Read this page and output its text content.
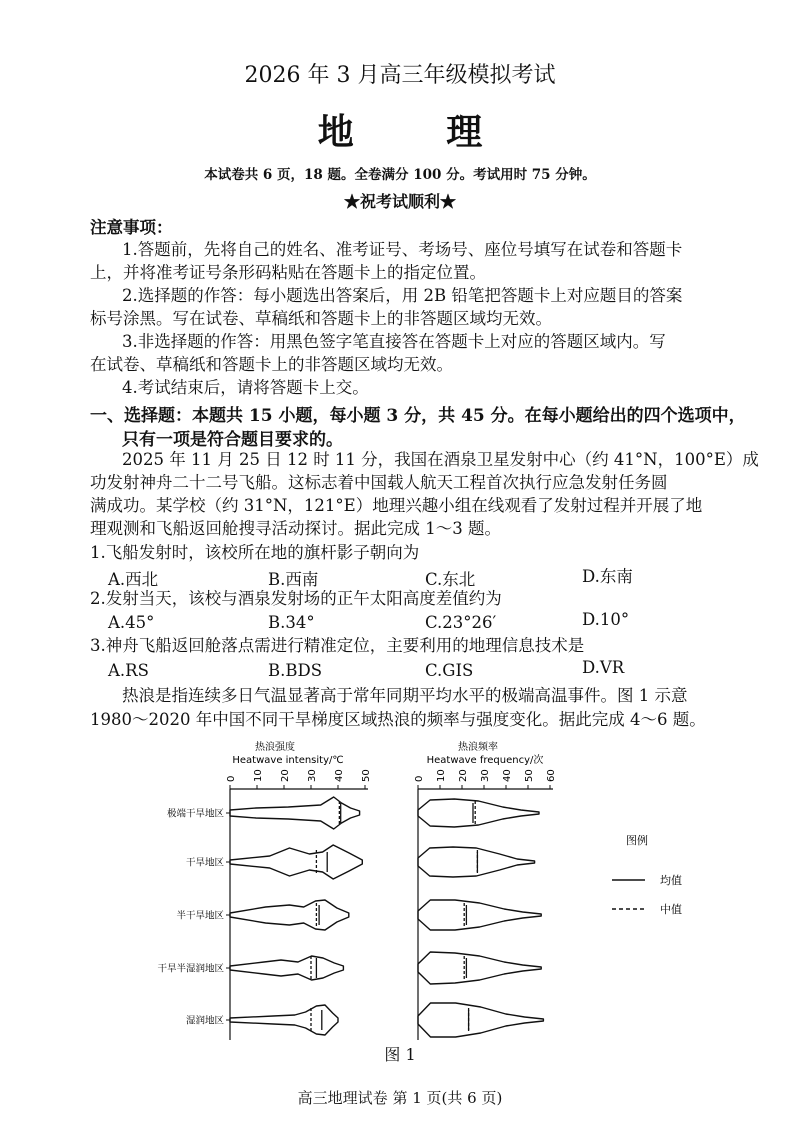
2026 年 3 月高三年级模拟考试
地 理
本试卷共 6 页，18 题。全卷满分 100 分。考试用时 75 分钟。
★祝考试顺利★
注意事项：
1.答题前，先将自己的姓名、准考证号、考场号、座位号填写在试卷和答题卡
上，并将准考证号条形码粘贴在答题卡上的指定位置。
2.选择题的作答：每小题选出答案后，用 2B 铅笔把答题卡上对应题目的答案
标号涂黑。写在试卷、草稿纸和答题卡上的非答题区域均无效。
3.非选择题的作答：用黑色签字笔直接答在答题卡上对应的答题区域内。写
在试卷、草稿纸和答题卡上的非答题区域均无效。
4.考试结束后，请将答题卡上交。
一、选择题：本题共 15 小题，每小题 3 分，共 45 分。在每小题给出的四个选项中，
只有一项是符合题目要求的。
2025 年 11 月 25 日 12 时 11 分，我国在酒泉卫星发射中心（约 41°N，100°E）成
功发射神舟二十二号飞船。这标志着中国载人航天工程首次执行应急发射任务圆
满成功。某学校（约 31°N，121°E）地理兴趣小组在线观看了发射过程并开展了地
理观测和飞船返回舱搜寻活动探讨。据此完成 1～3 题。
1.飞船发射时，该校所在地的旗杆影子朝向为
A.西北	B.西南	C.东北	D.东南
2.发射当天，该校与酒泉发射场的正午太阳高度差值约为
A.45°	B.34°	C.23°26′	D.10°
3.神舟飞船返回舱落点需进行精准定位，主要利用的地理信息技术是
A.RS	B.BDS	C.GIS	D.VR
热浪是指连续多日气温显著高于常年同期平均水平的极端高温事件。图 1 示意
1980～2020 年中国不同干旱梯度区域热浪的频率与强度变化。据此完成 4～6 题。
热浪强度
Heatwave intensity/℃
0 10 20 30 40 50
极端干旱地区
干旱地区
半干旱地区
干旱半湿润地区
湿润地区
热浪频率
Heatwave frequency/次
0 10 20 30 40 50 60
图例
均值
中值
图 1
高三地理试卷 第 1 页(共 6 页)
